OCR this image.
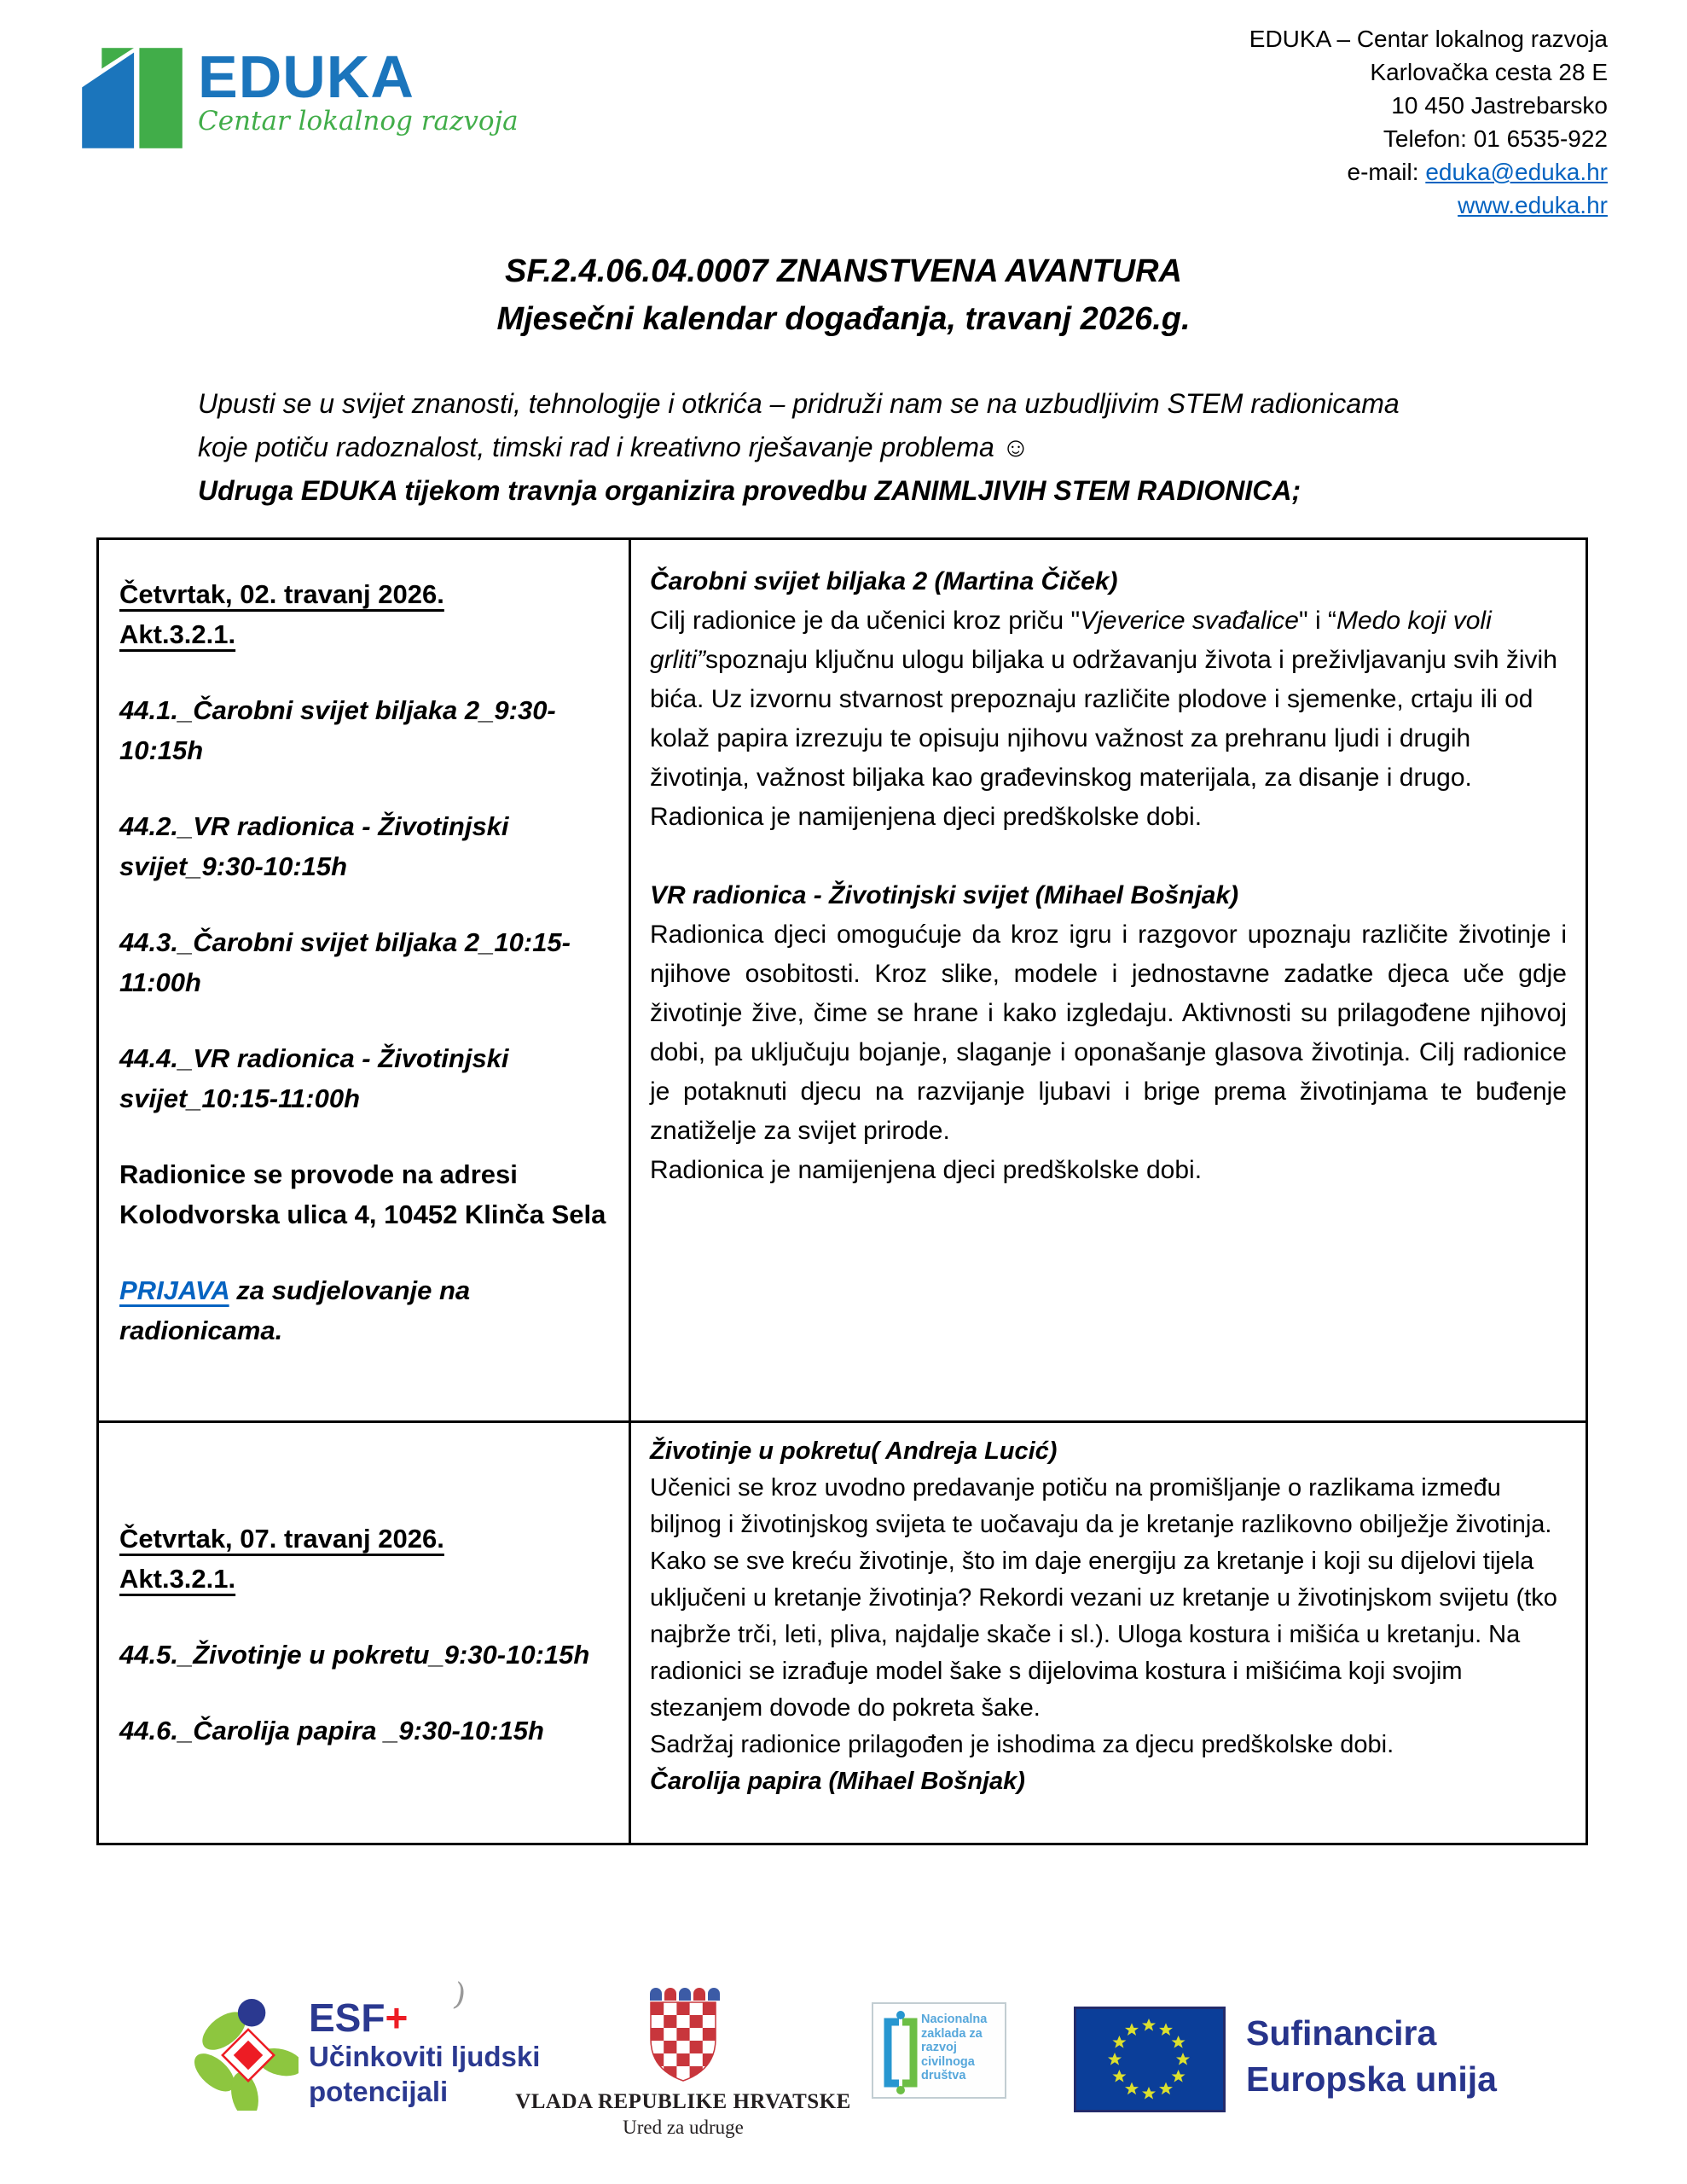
EDUKA
Centar lokalnog razvoja
EDUKA – Centar lokalnog razvoja
Karlovačka cesta 28 E
10 450 Jastrebarsko
Telefon: 01 6535-922
e-mail: eduka@eduka.hr
www.eduka.hr
SF.2.4.06.04.0007 ZNANSTVENA AVANTURA
Mjesečni kalendar događanja, travanj 2026.g.

Upusti se u svijet znanosti, tehnologije i otkrića – pridruži nam se na uzbudljivim STEM radionicama koje potiču radoznalost, timski rad i kreativno rješavanje problema ☺

Udruga EDUKA tijekom travnja organizira provedbu ZANIMLJIVIH STEM RADIONICA;

Četvrtak, 02. travanj 2026.
Akt.3.2.1.
44.1._Čarobni svijet biljaka 2_9:30-10:15h
44.2._VR radionica - Životinjski svijet_9:30-10:15h
44.3._Čarobni svijet biljaka 2_10:15-11:00h
44.4._VR radionica - Životinjski svijet_10:15-11:00h
Radionice se provode na adresi Kolodvorska ulica 4, 10452 Klinča Sela
PRIJAVA za sudjelovanje na radionicama.
Čarobni svijet biljaka 2 (Martina Čiček)

Cilj radionice je da učenici kroz priču "Vjeverice svađalice" i “Medo koji voli grliti”spoznaju ključnu ulogu biljaka u održavanju života i preživljavanju svih živih bića. Uz izvornu stvarnost prepoznaju različite plodove i sjemenke, crtaju ili od kolaž papira izrezuju te opisuju njihovu važnost za prehranu ljudi i drugih životinja, važnost biljaka kao građevinskog materijala, za disanje i drugo.

Radionica je namijenjena djeci predškolske dobi.
VR radionica - Životinjski svijet (Mihael Bošnjak)

Radionica djeci omogućuje da kroz igru i razgovor upoznaju različite životinje i njihove osobitosti. Kroz slike, modele i jednostavne zadatke djeca uče gdje životinje žive, čime se hrane i kako izgledaju. Aktivnosti su prilagođene njihovoj dobi, pa uključuju bojanje, slaganje i oponašanje glasova životinja. Cilj radionice je potaknuti djecu na razvijanje ljubavi i brige prema životinjama te buđenje znatiželje za svijet prirode.

Radionica je namijenjena djeci predškolske dobi.
Četvrtak, 07. travanj 2026.
Akt.3.2.1.
44.5._Životinje u pokretu_9:30-10:15h
44.6._Čarolija papira _9:30-10:15h
Životinje u pokretu( Andreja Lucić)

Učenici se kroz uvodno predavanje potiču na promišljanje o razlikama između biljnog i životinjskog svijeta te uočavaju da je kretanje razlikovno obilježje životinja. Kako se sve kreću životinje, što im daje energiju za kretanje i koji su dijelovi tijela uključeni u kretanje životinja? Rekordi vezani uz kretanje u životinjskom svijetu (tko najbrže trči, leti, pliva, najdalje skače i sl.). Uloga kostura i mišića u kretanju. Na radionici se izrađuje model šake s dijelovima kostura i mišićima koji svojim stezanjem dovode do pokreta šake.

Sadržaj radionice prilagođen je ishodima za djecu predškolske dobi.
Čarolija papira (Mihael Bošnjak)
ESF+
Učinkoviti ljudski
potencijali
)
VLADA REPUBLIKE HRVATSKE
Ured za udruge
Nacionalna zaklada za razvoj civilnoga društva
Sufinancira
Europska unija
